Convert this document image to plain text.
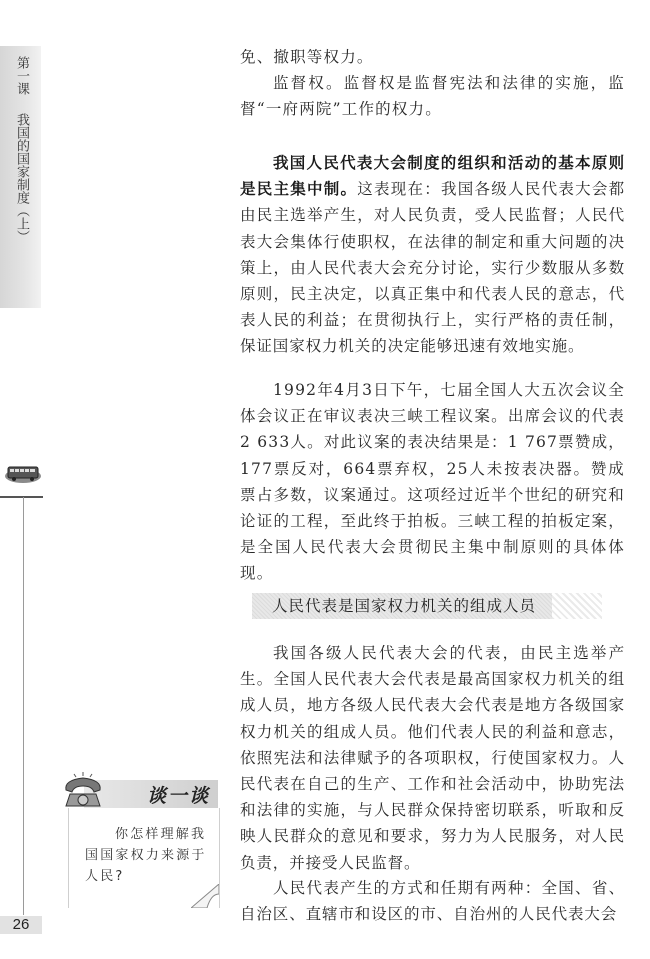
第一课我国的国家制度（上）
26

免、撤职等权力。

监督权。监督权是监督宪法和法律的实施，监督“一府两院”工作的权力。

我国人民代表大会制度的组织和活动的基本原则是民主集中制。这表现在：我国各级人民代表大会都由民主选举产生，对人民负责，受人民监督；人民代表大会集体行使职权，在法律的制定和重大问题的决策上，由人民代表大会充分讨论，实行少数服从多数原则，民主决定，以真正集中和代表人民的意志，代表人民的利益；在贯彻执行上，实行严格的责任制，保证国家权力机关的决定能够迅速有效地实施。

1992年4月3日下午，七届全国人大五次会议全体会议正在审议表决三峡工程议案。出席会议的代表2 633人。对此议案的表决结果是：1 767票赞成，177票反对，664票弃权，25人未按表决器。赞成票占多数，议案通过。这项经过近半个世纪的研究和论证的工程，至此终于拍板。三峡工程的拍板定案，是全国人民代表大会贯彻民主集中制原则的具体体现。

我国各级人民代表大会的代表，由民主选举产生。全国人民代表大会代表是最高国家权力机关的组成人员，地方各级人民代表大会代表是地方各级国家权力机关的组成人员。他们代表人民的利益和意志，依照宪法和法律赋予的各项职权，行使国家权力。人民代表在自己的生产、工作和社会活动中，协助宪法和法律的实施，与人民群众保持密切联系，听取和反映人民群众的意见和要求，努力为人民服务，对人民负责，并接受人民监督。

人民代表产生的方式和任期有两种：全国、省、自治区、直辖市和设区的市、自治州的人民代表大会

人民代表是国家权力机关的组成人员
谈一谈

你怎样理解我国国家权力来源于人民?
